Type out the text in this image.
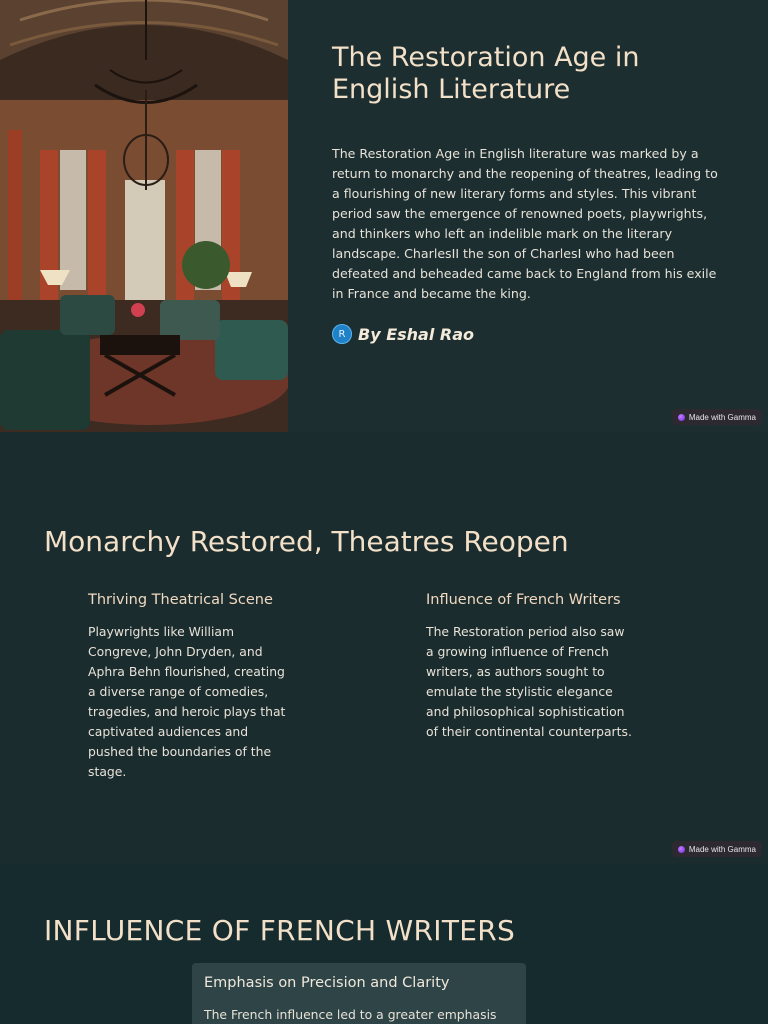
The Restoration Age in English Literature

The Restoration Age in English literature was marked by a return to monarchy and the reopening of theatres, leading to a flourishing of new literary forms and styles. This vibrant period saw the emergence of renowned poets, playwrights, and thinkers who left an indelible mark on the literary landscape. CharlesII the son of CharlesI who had been defeated and beheaded came back to England from his exile in France and became the king.

R By Eshal Rao
Made with Gamma
Monarchy Restored, Theatres Reopen
Thriving Theatrical Scene

Playwrights like William Congreve, John Dryden, and Aphra Behn flourished, creating a diverse range of comedies, tragedies, and heroic plays that captivated audiences and pushed the boundaries of the stage.

Influence of French Writers

The Restoration period also saw a growing influence of French writers, as authors sought to emulate the stylistic elegance and philosophical sophistication of their continental counterparts.

Made with Gamma
INFLUENCE OF FRENCH WRITERS
Emphasis on Precision and Clarity

The French influence led to a greater emphasis
